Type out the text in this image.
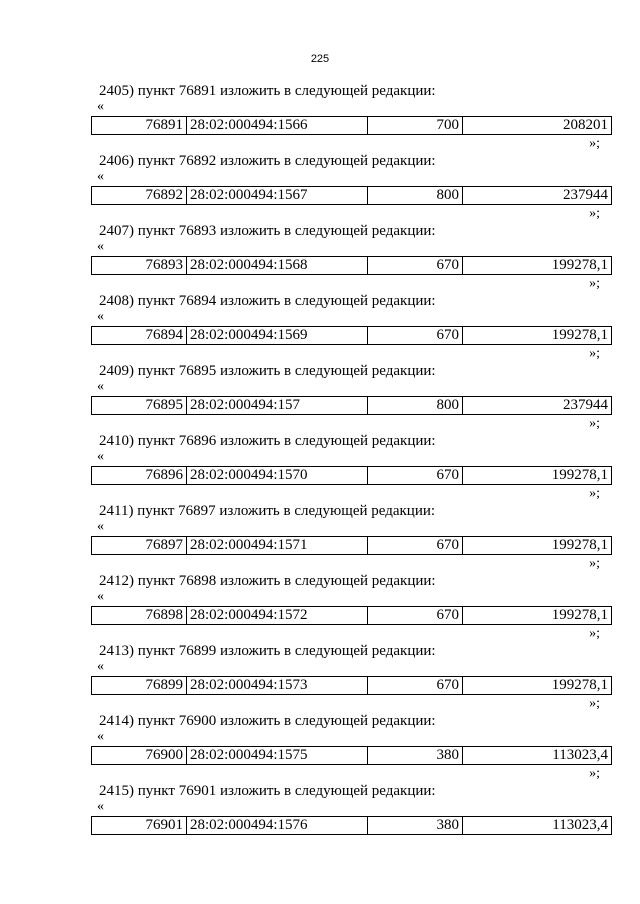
225
2405) пункт 76891 изложить в следующей редакции:
«
76891	28:02:000494:1566	700	208201
»;
2406) пункт 76892 изложить в следующей редакции:
«
76892	28:02:000494:1567	800	237944
»;
2407) пункт 76893 изложить в следующей редакции:
«
76893	28:02:000494:1568	670	199278,1
»;
2408) пункт 76894 изложить в следующей редакции:
«
76894	28:02:000494:1569	670	199278,1
»;
2409) пункт 76895 изложить в следующей редакции:
«
76895	28:02:000494:157	800	237944
»;
2410) пункт 76896 изложить в следующей редакции:
«
76896	28:02:000494:1570	670	199278,1
»;
2411) пункт 76897 изложить в следующей редакции:
«
76897	28:02:000494:1571	670	199278,1
»;
2412) пункт 76898 изложить в следующей редакции:
«
76898	28:02:000494:1572	670	199278,1
»;
2413) пункт 76899 изложить в следующей редакции:
«
76899	28:02:000494:1573	670	199278,1
»;
2414) пункт 76900 изложить в следующей редакции:
«
76900	28:02:000494:1575	380	113023,4
»;
2415) пункт 76901 изложить в следующей редакции:
«
76901	28:02:000494:1576	380	113023,4
